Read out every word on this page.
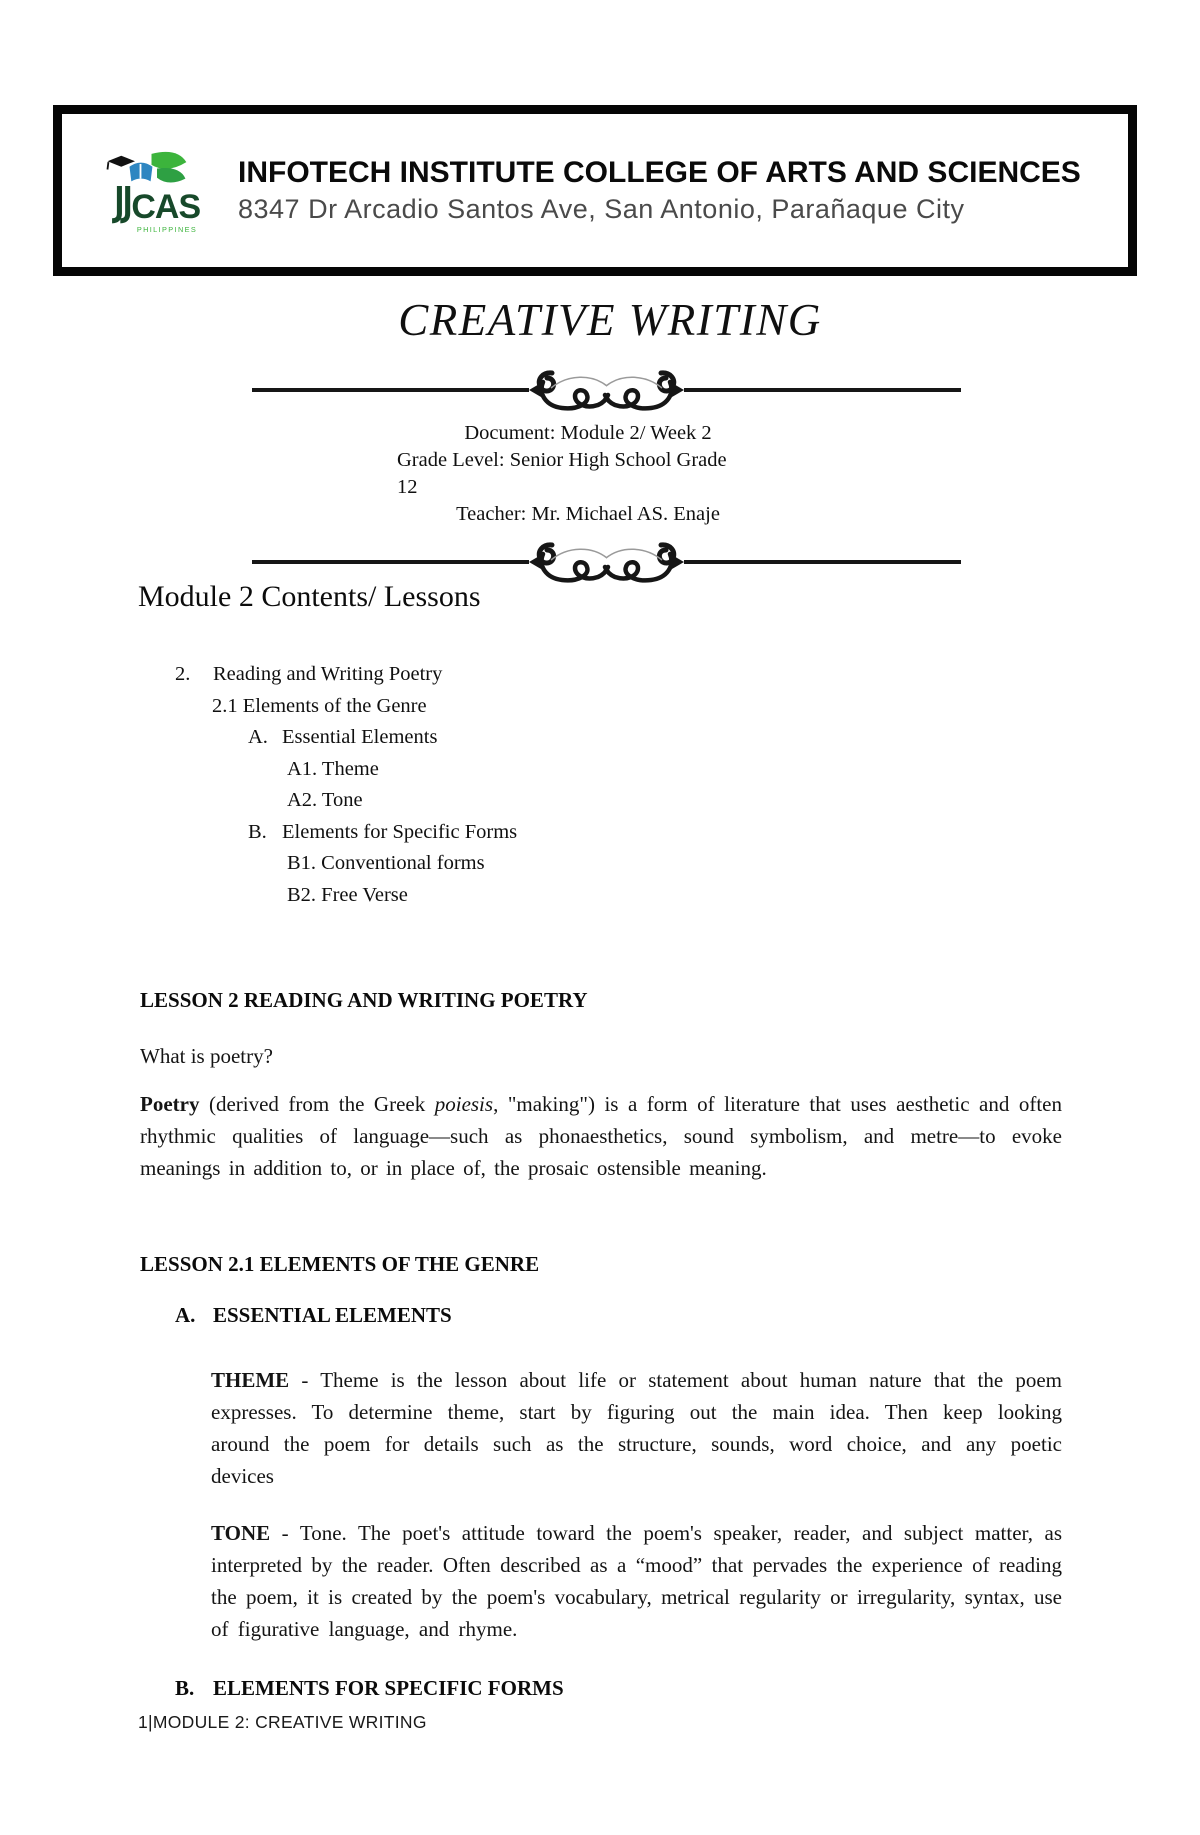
CAS
PHILIPPINES
INFOTECH INSTITUTE COLLEGE OF ARTS AND SCIENCES
8347 Dr Arcadio Santos Ave, San Antonio, Parañaque City
CREATIVE WRITING
Document: Module 2/ Week 2
Grade Level: Senior High School Grade
12
Teacher: Mr. Michael AS. Enaje
Module 2 Contents/ Lessons
2. Reading and Writing Poetry
2.1 Elements of the Genre
A. Essential Elements
A1. Theme
A2. Tone
B. Elements for Specific Forms
B1. Conventional forms
B2. Free Verse
LESSON 2 READING AND WRITING POETRY
What is poetry?
Poetry (derived from the Greek poiesis, "making") is a form of literature that uses aesthetic and often rhythmic qualities of language—such as phonaesthetics, sound symbolism, and metre—to evoke meanings in addition to, or in place of, the prosaic ostensible meaning.
LESSON 2.1 ELEMENTS OF THE GENRE
A. ESSENTIAL ELEMENTS
THEME - Theme is the lesson about life or statement about human nature that the poem expresses. To determine theme, start by figuring out the main idea. Then keep looking around the poem for details such as the structure, sounds, word choice, and any poetic devices
TONE - Tone. The poet's attitude toward the poem's speaker, reader, and subject matter, as interpreted by the reader. Often described as a “mood” that pervades the experience of reading the poem, it is created by the poem's vocabulary, metrical regularity or irregularity, syntax, use of figurative language, and rhyme.
B. ELEMENTS FOR SPECIFIC FORMS
1|MODULE 2: CREATIVE WRITING
